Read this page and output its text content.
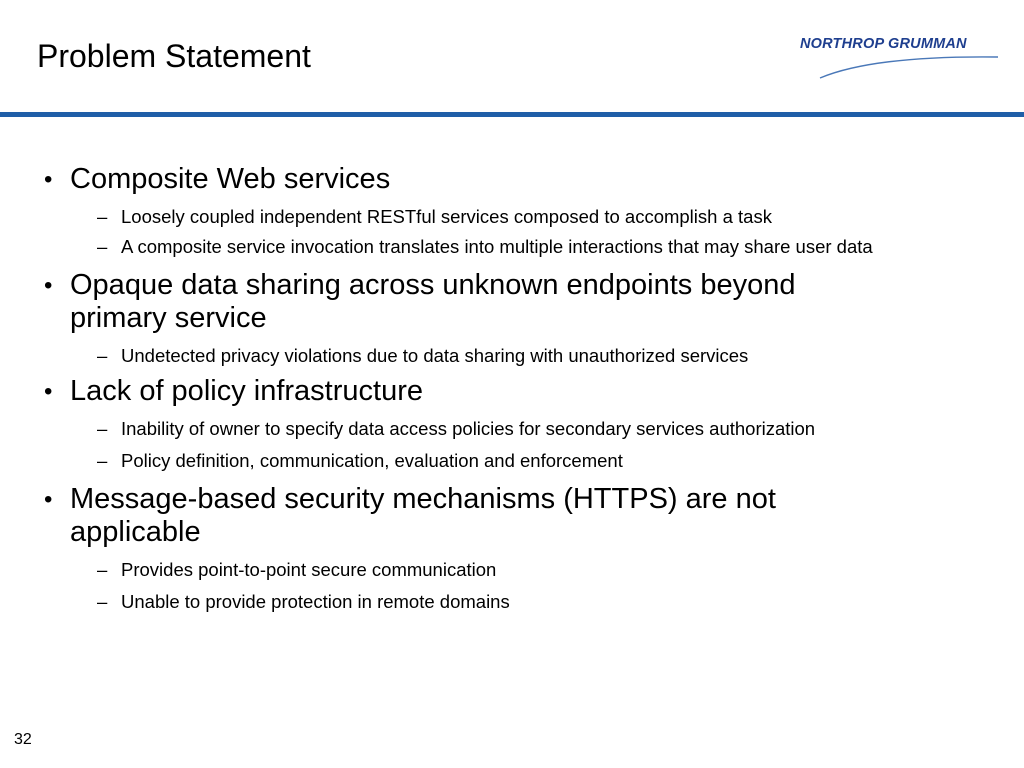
Problem Statement	NORTHROP GRUMMAN
• Composite Web services
– Loosely coupled independent RESTful services composed to accomplish a task
– A composite service invocation translates into multiple interactions that may share user data
• Opaque data sharing across unknown endpoints beyond primary service
– Undetected privacy violations due to data sharing with unauthorized services
• Lack of policy infrastructure
– Inability of owner to specify data access policies for secondary services authorization
– Policy definition, communication, evaluation and enforcement
• Message-based security mechanisms (HTTPS) are not applicable
– Provides point-to-point secure communication
– Unable to provide protection in remote domains
32
